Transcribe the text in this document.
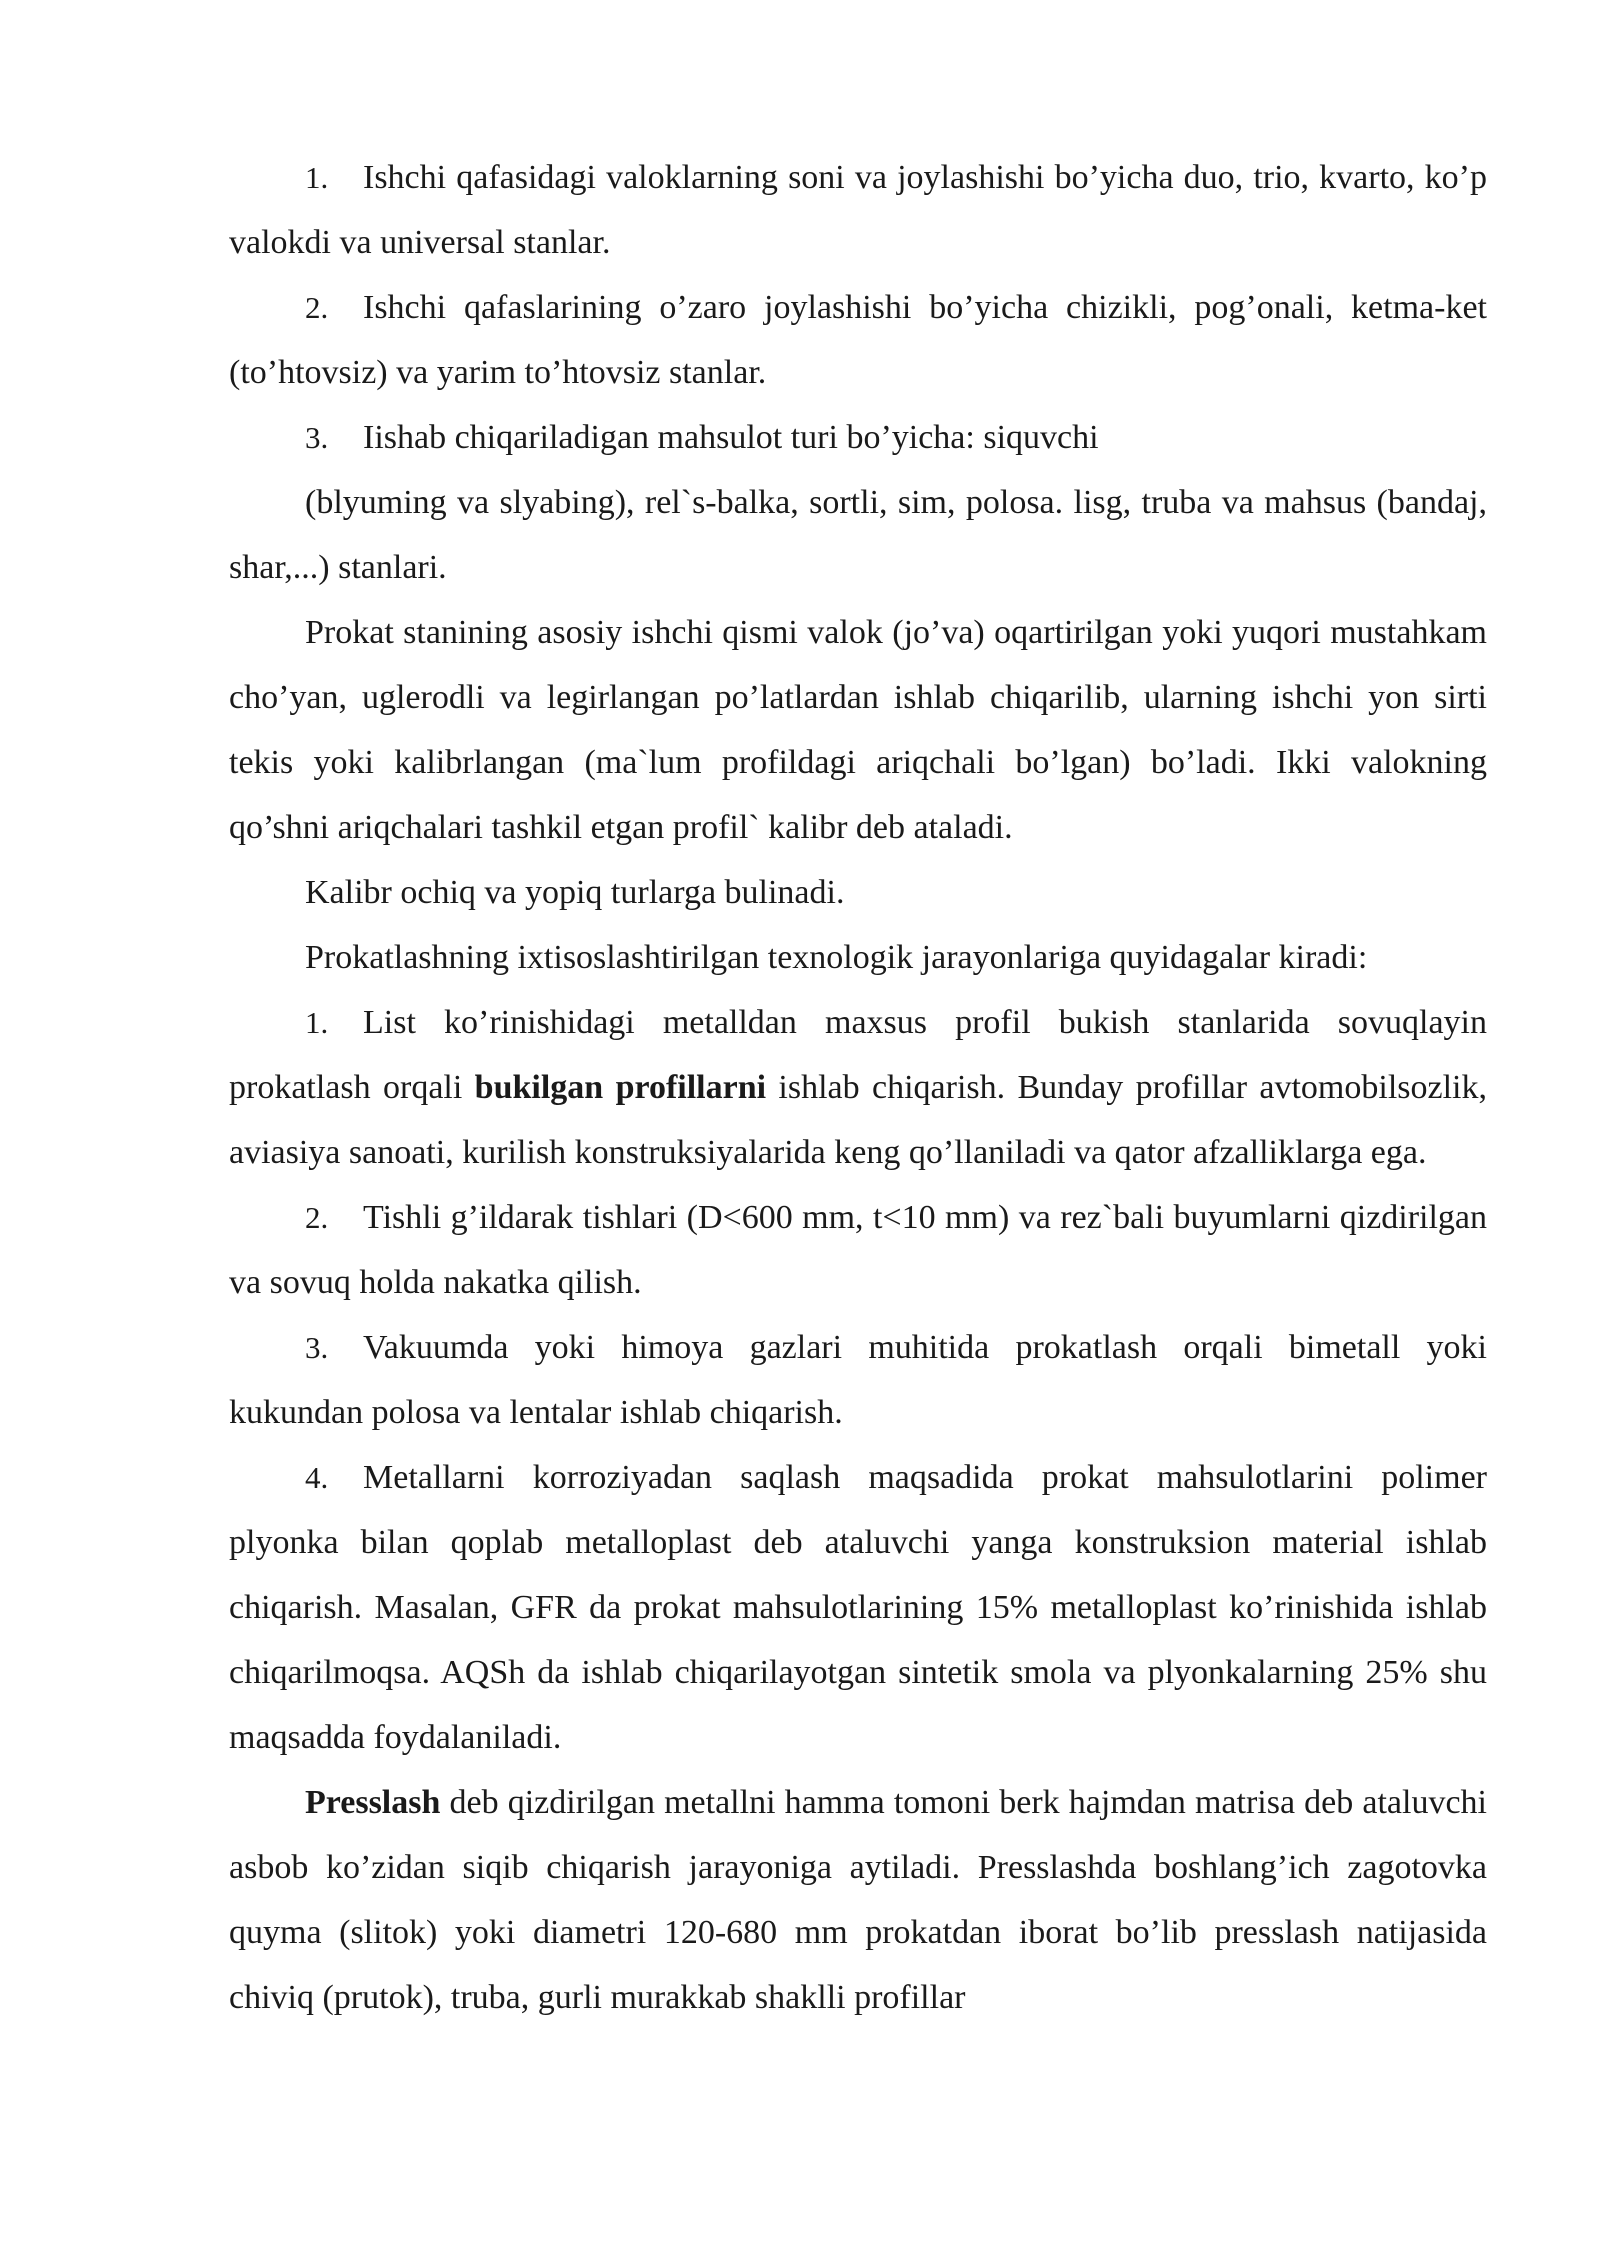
1. Ishchi qafasidagi valoklarning soni va joylashishi bo’yicha duo, trio, kvarto, ko’p valokdi va universal stanlar.

2. Ishchi qafaslarining o’zaro joylashishi bo’yicha chizikli, pog’onali, ketma-ket (to’htovsiz) va yarim to’htovsiz stanlar.

3. Iishab chiqariladigan mahsulot turi bo’yicha: siquvchi

(blyuming va slyabing), rel`s-balka, sortli, sim, polosa. lisg, truba va mahsus (bandaj, shar,...) stanlari.

Prokat stanining asosiy ishchi qismi valok (jo’va) oqartirilgan yoki yuqori mustahkam cho’yan, uglerodli va legirlangan po’latlardan ishlab chiqarilib, ularning ishchi yon sirti tekis yoki kalibrlangan (ma`lum profildagi ariqchali bo’lgan) bo’ladi. Ikki valokning qo’shni ariqchalari tashkil etgan profil` kalibr deb ataladi.

Kalibr ochiq va yopiq turlarga bulinadi.

Prokatlashning ixtisoslashtirilgan texnologik jarayonlariga quyidagalar kiradi:

1. List ko’rinishidagi metalldan maxsus profil bukish stanlarida sovuqlayin prokatlash orqali bukilgan profillarni ishlab chiqarish. Bunday profillar avtomobilsozlik, aviasiya sanoati, kurilish konstruksiyalarida keng qo’llaniladi va qator afzalliklarga ega.

2. Tishli g’ildarak tishlari (D<600 mm, t<10 mm) va rez`bali buyumlarni qizdirilgan va sovuq holda nakatka qilish.

3. Vakuumda yoki himoya gazlari muhitida prokatlash orqali bimetall yoki kukundan polosa va lentalar ishlab chiqarish.

4. Metallarni korroziyadan saqlash maqsadida prokat mahsulotlarini polimer plyonka bilan qoplab metalloplast deb ataluvchi yanga konstruksion material ishlab chiqarish. Masalan, GFR da prokat mahsulotlarining 15% metalloplast ko’rinishida ishlab chiqarilmoqsa. AQSh da ishlab chiqarilayotgan sintetik smola va plyonkalarning 25% shu maqsadda foydalaniladi.

Presslash deb qizdirilgan metallni hamma tomoni berk hajmdan matrisa deb ataluvchi asbob ko’zidan siqib chiqarish jarayoniga aytiladi. Presslashda boshlang’ich zagotovka quyma (slitok) yoki diametri 120-680 mm prokatdan iborat bo’lib presslash natijasida chiviq (prutok), truba, gurli murakkab shaklli profillar
